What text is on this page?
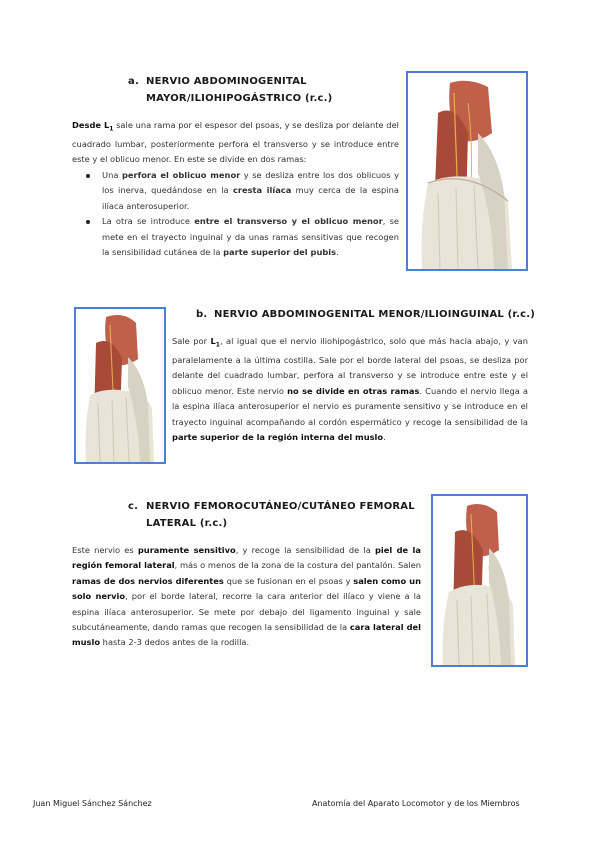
a. NERVIO ABDOMINOGENITAL
MAYOR/ILIOHIPOGÁSTRICO (r.c.)

Desde $L_1$ sale una rama por el espesor del psoas, y se desliza por delante del cuadrado lumbar, posteriormente perfora el transverso y se introduce entre este y el oblicuo menor. En este se divide en dos ramas:

Una perfora el oblicuo menor y se desliza entre los dos oblicuos y los inerva, quedándose en la cresta ilíaca muy cerca de la espina ilíaca anterosuperior.
La otra se introduce entre el transverso y el oblicuo menor, se mete en el trayecto inguinal y da unas ramas sensitivas que recogen la sensibilidad cutánea de la parte superior del pubis.
b. NERVIO ABDOMINOGENITAL MENOR/ILIOINGUINAL (r.c.)

Sale por $L_1$, al igual que el nervio iliohipogástrico, solo que más hacia abajo, y van paralelamente a la última costilla. Sale por el borde lateral del psoas, se desliza por delante del cuadrado lumbar, perfora al transverso y se introduce entre este y el oblicuo menor. Este nervio no se divide en otras ramas. Cuando el nervio llega a la espina ilíaca anterosuperior el nervio es puramente sensitivo y se introduce en el trayecto inguinal acompañando al cordón espermático y recoge la sensibilidad de la parte superior de la región interna del muslo.

c. NERVIO FEMOROCUTÁNEO/CUTÁNEO FEMORAL
LATERAL (r.c.)

Este nervio es puramente sensitivo, y recoge la sensibilidad de la piel de la región femoral lateral, más o menos de la zona de la costura del pantalón. Salen ramas de dos nervios diferentes que se fusionan en el psoas y salen como un solo nervio, por el borde lateral, recorre la cara anterior del ilíaco y viene a la espina ilíaca anterosuperior. Se mete por debajo del ligamento inguinal y sale subcutáneamente, dando ramas que recogen la sensibilidad de la cara lateral del muslo hasta 2-3 dedos antes de la rodilla.

Juan Miguel Sánchez Sánchez	Anatomía del Aparato Locomotor y de los Miembros
